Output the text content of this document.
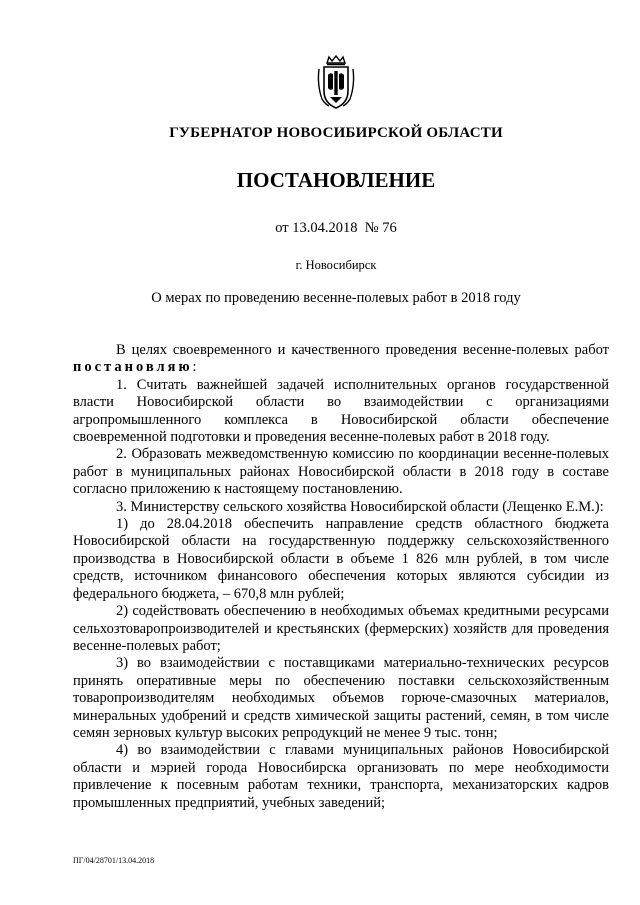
ГУБЕРНАТОР НОВОСИБИРСКОЙ ОБЛАСТИ
ПОСТАНОВЛЕНИЕ
от 13.04.2018 № 76
г. Новосибирск
О мерах по проведению весенне-полевых работ в 2018 году

В целях своевременного и качественного проведения весенне-полевых работ постановляю:

1. Считать важнейшей задачей исполнительных органов государственной власти Новосибирской области во взаимодействии с организациями агропромышленного комплекса в Новосибирской области обеспечение своевременной подготовки и проведения весенне-полевых работ в 2018 году.

2. Образовать межведомственную комиссию по координации весенне-полевых работ в муниципальных районах Новосибирской области в 2018 году в составе согласно приложению к настоящему постановлению.

3. Министерству сельского хозяйства Новосибирской области (Лещенко Е.М.):

1) до 28.04.2018 обеспечить направление средств областного бюджета Новосибирской области на государственную поддержку сельскохозяйственного производства в Новосибирской области в объеме 1 826 млн рублей, в том числе средств, источником финансового обеспечения которых являются субсидии из федерального бюджета, – 670,8 млн рублей;

2) содействовать обеспечению в необходимых объемах кредитными ресурсами сельхозтоваропроизводителей и крестьянских (фермерских) хозяйств для проведения весенне-полевых работ;

3) во взаимодействии с поставщиками материально-технических ресурсов принять оперативные меры по обеспечению поставки сельскохозяйственным товаропроизводителям необходимых объемов горюче-смазочных материалов, минеральных удобрений и средств химической защиты растений, семян, в том числе семян зерновых культур высоких репродукций не менее 9 тыс. тонн;

4) во взаимодействии с главами муниципальных районов Новосибирской области и мэрией города Новосибирска организовать по мере необходимости привлечение к посевным работам техники, транспорта, механизаторских кадров промышленных предприятий, учебных заведений;

ПГ/04/28701/13.04.2018
